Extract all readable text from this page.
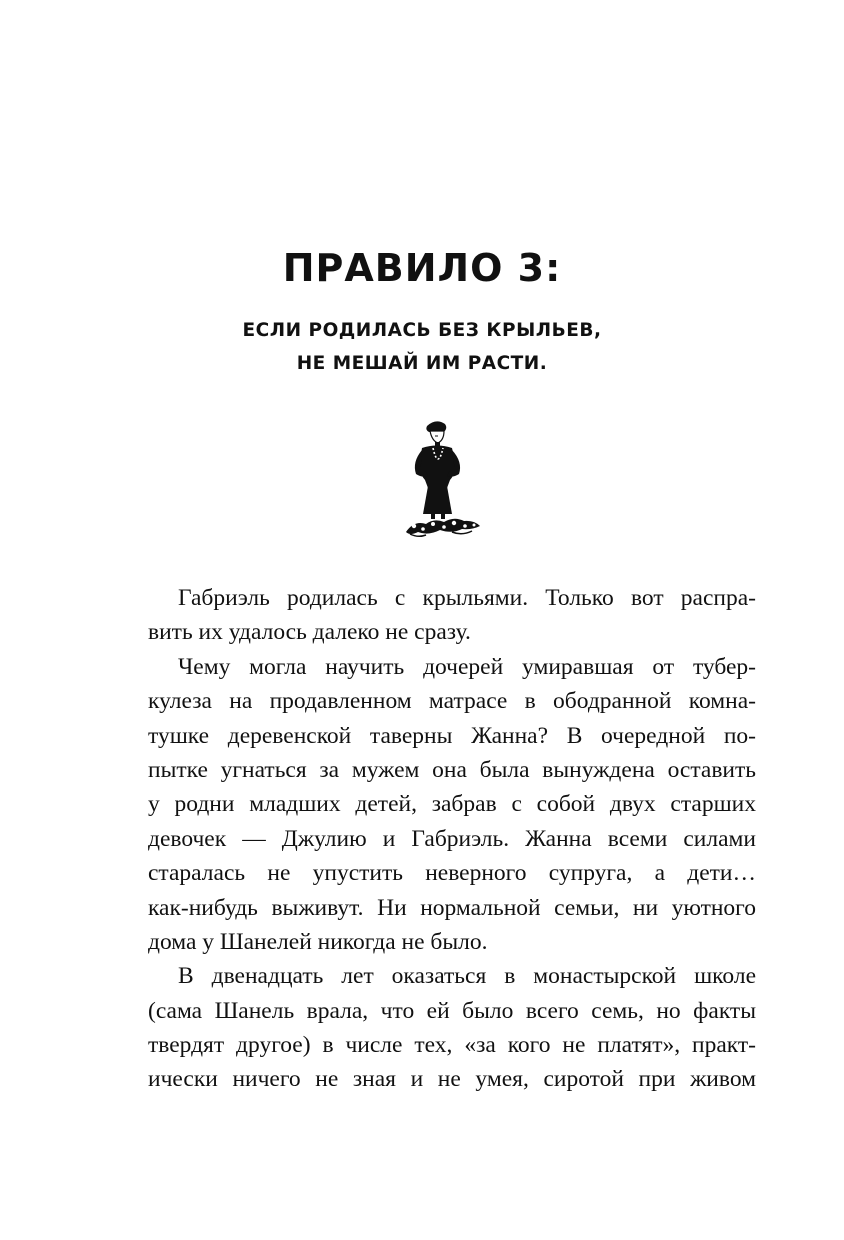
ПРАВИЛО 3:
ЕСЛИ РОДИЛАСЬ БЕЗ КРЫЛЬЕВ,
НЕ МЕШАЙ ИМ РАСТИ.
Габриэль родилась с крыльями. Только вот распра-
вить их удалось далеко не сразу.
Чему могла научить дочерей умиравшая от тубер-
кулеза на продавленном матрасе в ободранной комна-
тушке деревенской таверны Жанна? В очередной по-
пытке угнаться за мужем она была вынуждена оставить
у родни младших детей, забрав с собой двух старших
девочек — Джулию и Габриэль. Жанна всеми силами
старалась не упустить неверного супруга, а дети…
как-нибудь выживут. Ни нормальной семьи, ни уютного
дома у Шанелей никогда не было.
В двенадцать лет оказаться в монастырской школе
(сама Шанель врала, что ей было всего семь, но факты
твердят другое) в числе тех, «за кого не платят», практ-
ически ничего не зная и не умея, сиротой при живом
